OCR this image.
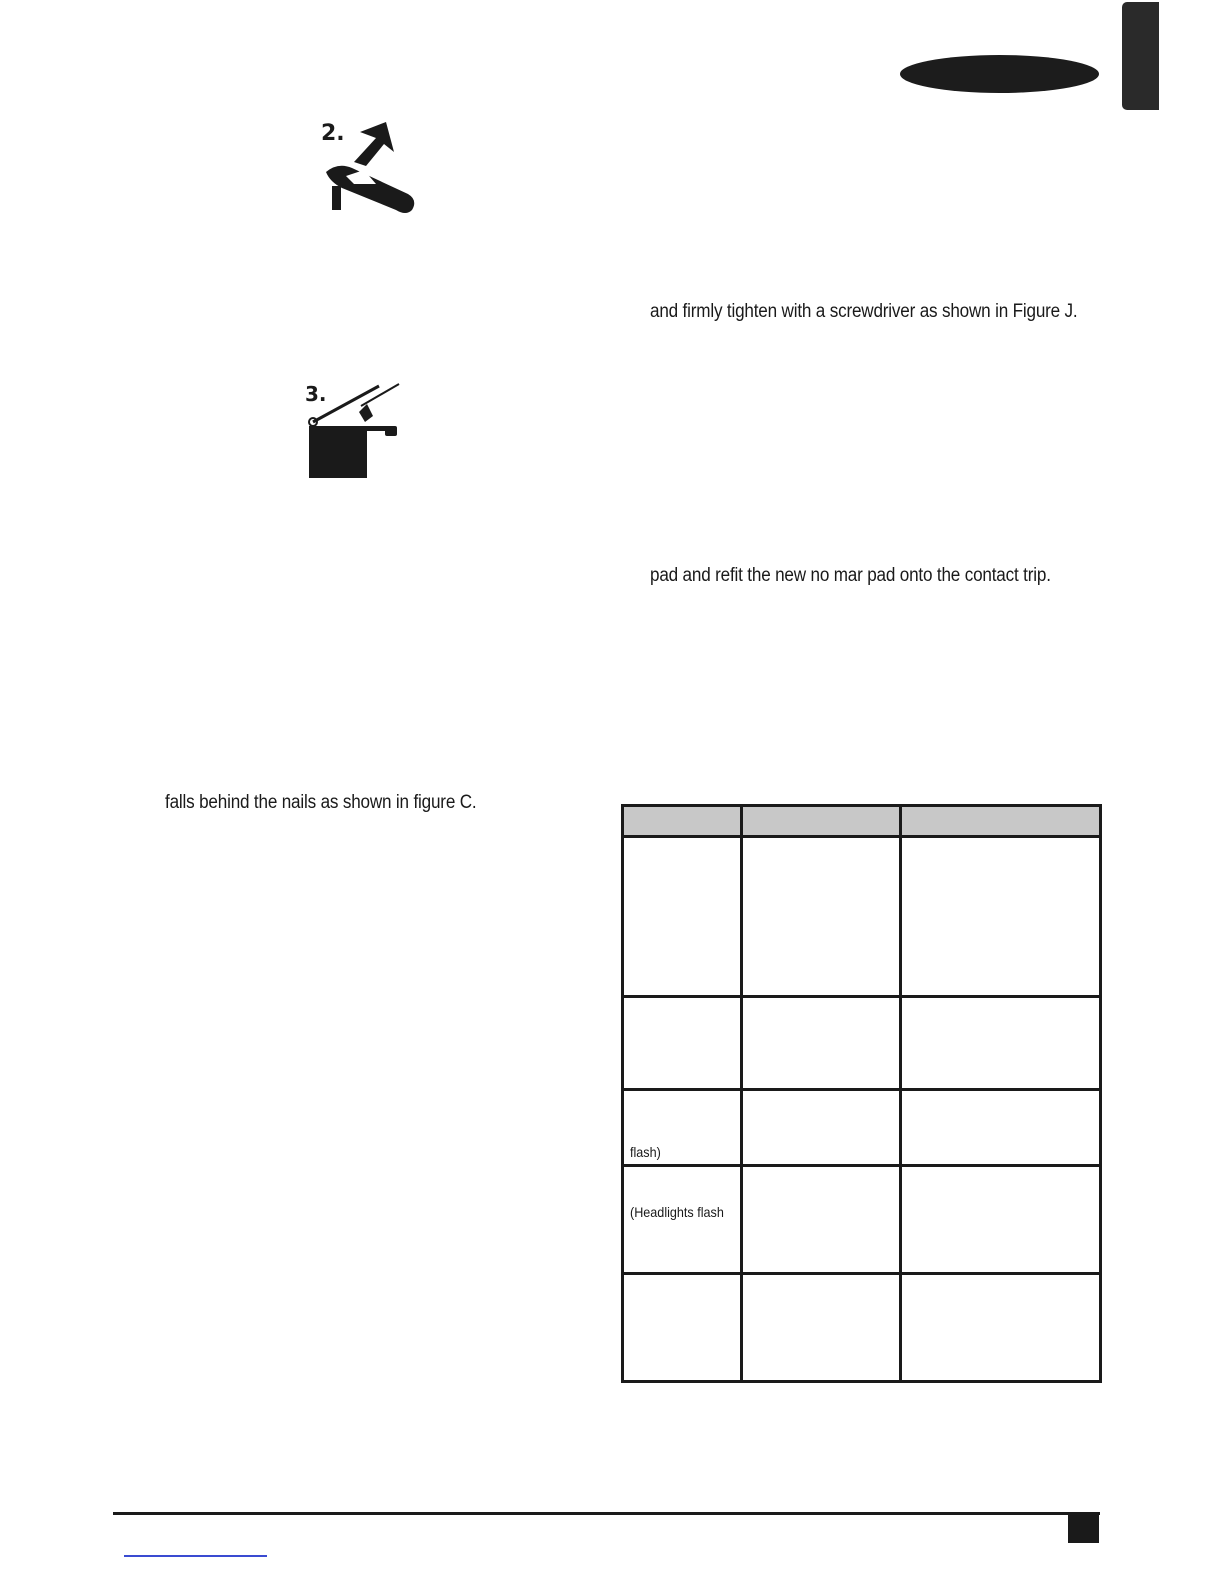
2.
3.
and firmly tighten with a screwdriver as shown in Figure J.
pad and refit the new no mar pad onto the contact trip.
falls behind the nails as shown in figure C.

flash)		
(Headlights flash		
